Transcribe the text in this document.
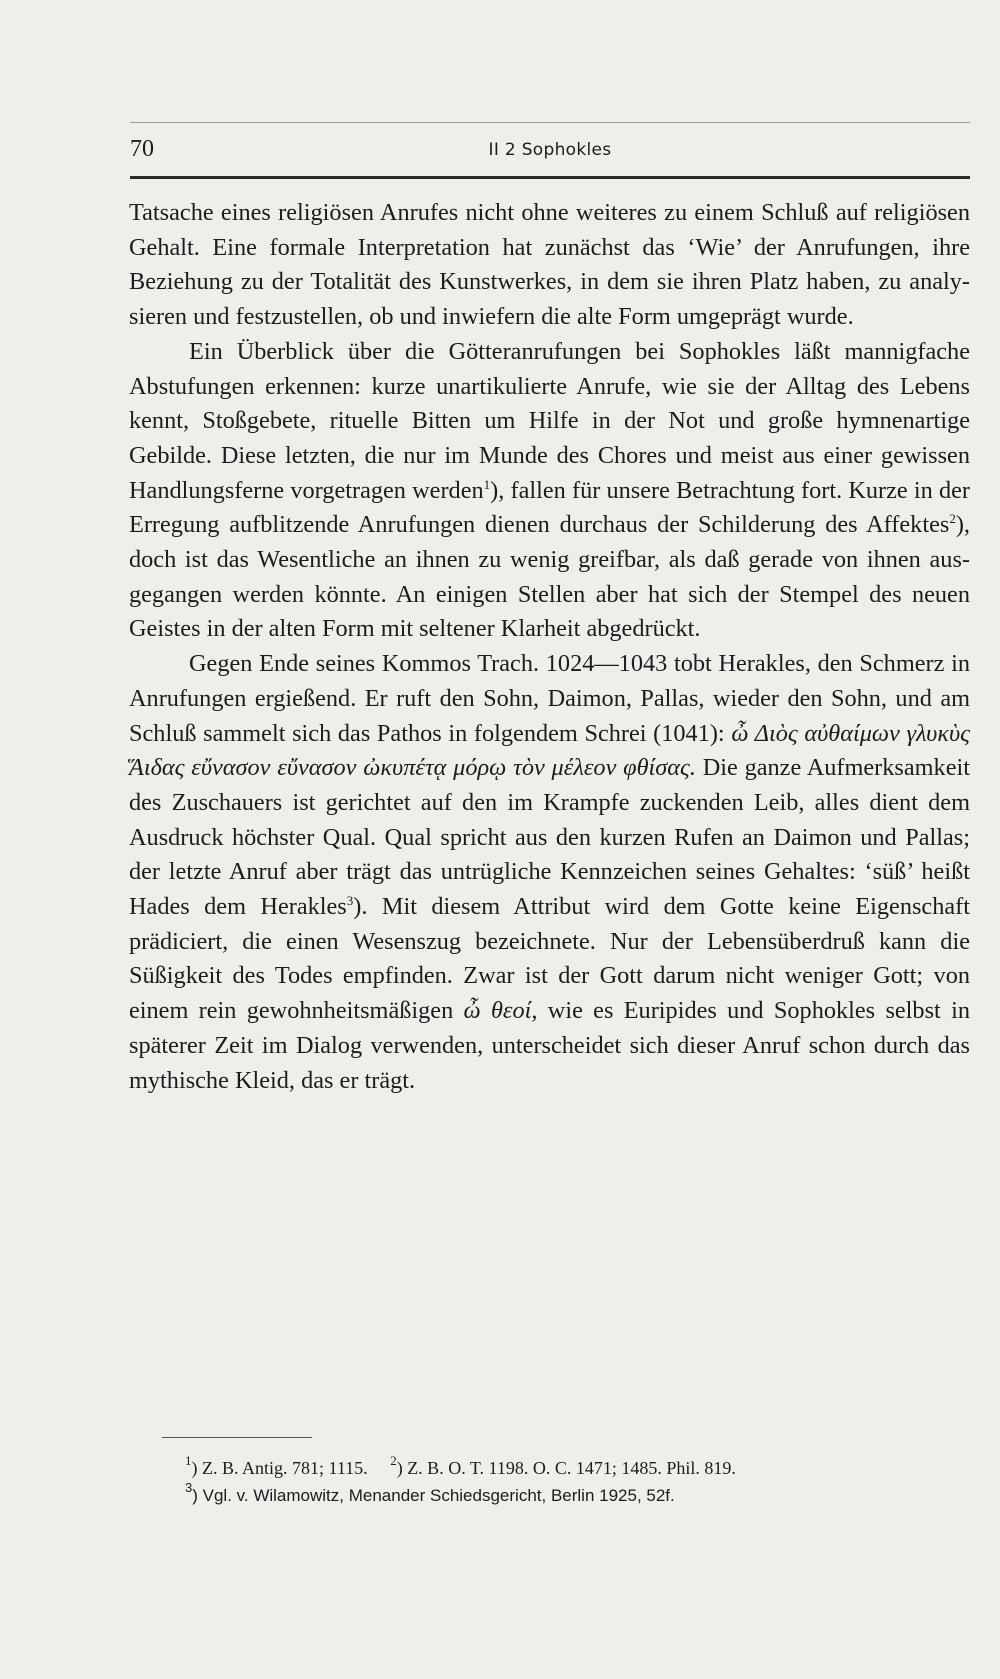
70	II 2 Sophokles

Tatsache eines religiösen Anrufes nicht ohne weiteres zu einem Schluß auf religiösen Gehalt. Eine formale Interpretation hat zunächst das ‘Wie’ der Anrufungen, ihre Beziehung zu der Totalität des Kunstwerkes, in dem sie ihren Platz haben, zu analysieren und festzustellen, ob und inwiefern die alte Form umgeprägt wurde.

Ein Überblick über die Götteranrufungen bei Sophokles läßt mannigfache Abstufungen erkennen: kurze unartikulierte Anrufe, wie sie der Alltag des Lebens kennt, Stoßgebete, rituelle Bitten um Hilfe in der Not und große hymnenartige Gebilde. Diese letzten, die nur im Munde des Chores und meist aus einer gewissen Handlungsferne vorgetragen werden$^1$), fallen für unsere Betrachtung fort. Kurze in der Erregung aufblitzende Anrufungen dienen durchaus der Schilderung des Affektes$^2$), doch ist das Wesentliche an ihnen zu wenig greifbar, als daß gerade von ihnen ausgegangen werden könnte. An einigen Stellen aber hat sich der Stempel des neuen Geistes in der alten Form mit seltener Klarheit abgedrückt.

Gegen Ende seines Kommos Trach. 1024—1043 tobt Herakles, den Schmerz in Anrufungen ergießend. Er ruft den Sohn, Daimon, Pallas, wieder den Sohn, und am Schluß sammelt sich das Pathos in folgendem Schrei (1041): ὦ Διὸς αὐθαίμων γλυκὺς Ἅιδας εὔνασον εὔνασον ὠκυπέτᾳ μόρῳ τὸν μέλεον φθίσας. Die ganze Aufmerksamkeit des Zuschauers ist gerichtet auf den im Krampfe zuckenden Leib, alles dient dem Ausdruck höchster Qual. Qual spricht aus den kurzen Rufen an Daimon und Pallas; der letzte Anruf aber trägt das untrügliche Kennzeichen seines Gehaltes: ‘süß’ heißt Hades dem Herakles$^3$). Mit diesem Attribut wird dem Gotte keine Eigenschaft prädiciert, die einen Wesenszug bezeichnete. Nur der Lebensüberdruß kann die Süßigkeit des Todes empfinden. Zwar ist der Gott darum nicht weniger Gott; von einem rein gewohnheitsmäßigen ὦ θεοί, wie es Euripides und Sophokles selbst in späterer Zeit im Dialog verwenden, unterscheidet sich dieser Anruf schon durch das mythische Kleid, das er trägt.

$^1$) Z. B. Antig. 781; 1115. $^2$) Z. B. O. T. 1198. O. C. 1471; 1485. Phil. 819.
$^3$) Vgl. v. Wilamowitz, Menander Schiedsgericht, Berlin 1925, 52f.
